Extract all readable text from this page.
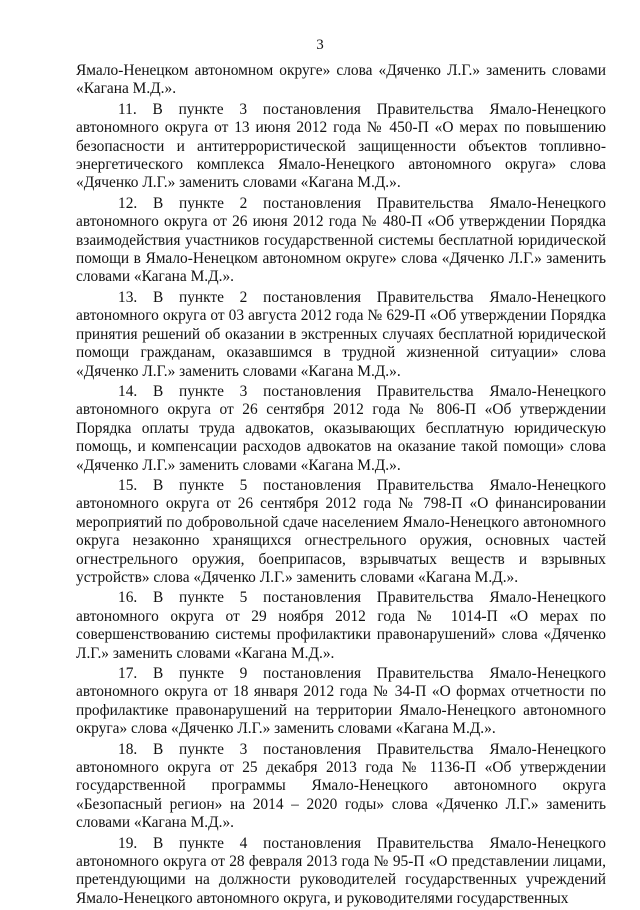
3

Ямало-Ненецком автономном округе» слова «Дяченко Л.Г.» заменить словами «Кагана М.Д.».

11. В пункте 3 постановления Правительства Ямало-Ненецкого автономного округа от 13 июня 2012 года № 450-П «О мерах по повышению безопасности и антитеррористической защищенности объектов топливно-энергетического комплекса Ямало-Ненецкого автономного округа» слова «Дяченко Л.Г.» заменить словами «Кагана М.Д.».

12. В пункте 2 постановления Правительства Ямало-Ненецкого автономного округа от 26 июня 2012 года № 480-П «Об утверждении Порядка взаимодействия участников государственной системы бесплатной юридической помощи в Ямало-Ненецком автономном округе» слова «Дяченко Л.Г.» заменить словами «Кагана М.Д.».

13. В пункте 2 постановления Правительства Ямало-Ненецкого автономного округа от 03 августа 2012 года № 629-П «Об утверждении Порядка принятия решений об оказании в экстренных случаях бесплатной юридической помощи гражданам, оказавшимся в трудной жизненной ситуации» слова «Дяченко Л.Г.» заменить словами «Кагана М.Д.».

14. В пункте 3 постановления Правительства Ямало-Ненецкого автономного округа от 26 сентября 2012 года № 806-П «Об утверждении Порядка оплаты труда адвокатов, оказывающих бесплатную юридическую помощь, и компенсации расходов адвокатов на оказание такой помощи» слова «Дяченко Л.Г.» заменить словами «Кагана М.Д.».

15. В пункте 5 постановления Правительства Ямало-Ненецкого автономного округа от 26 сентября 2012 года № 798-П «О финансировании мероприятий по добровольной сдаче населением Ямало-Ненецкого автономного округа незаконно хранящихся огнестрельного оружия, основных частей огнестрельного оружия, боеприпасов, взрывчатых веществ и взрывных устройств» слова «Дяченко Л.Г.» заменить словами «Кагана М.Д.».

16. В пункте 5 постановления Правительства Ямало-Ненецкого автономного округа от 29 ноября 2012 года № 1014-П «О мерах по совершенствованию системы профилактики правонарушений» слова «Дяченко Л.Г.» заменить словами «Кагана М.Д.».

17. В пункте 9 постановления Правительства Ямало-Ненецкого автономного округа от 18 января 2012 года № 34-П «О формах отчетности по профилактике правонарушений на территории Ямало-Ненецкого автономного округа» слова «Дяченко Л.Г.» заменить словами «Кагана М.Д.».

18. В пункте 3 постановления Правительства Ямало-Ненецкого автономного округа от 25 декабря 2013 года № 1136-П «Об утверждении государственной программы Ямало-Ненецкого автономного округа «Безопасный регион» на 2014 – 2020 годы» слова «Дяченко Л.Г.» заменить словами «Кагана М.Д.».

19. В пункте 4 постановления Правительства Ямало-Ненецкого автономного округа от 28 февраля 2013 года № 95-П «О представлении лицами, претендующими на должности руководителей государственных учреждений Ямало-Ненецкого автономного округа, и руководителями государственных
